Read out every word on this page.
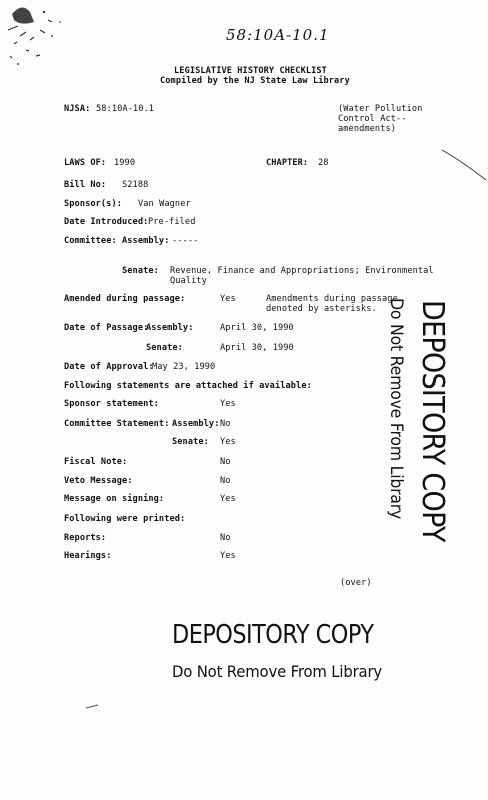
58:10A-10.1
LEGISLATIVE HISTORY CHECKLIST
Compiled by the NJ State Law Library
NJSA: 58:10A-10.1	(Water Pollution
Control Act--
amendments)
LAWS OF: 1990	CHAPTER: 28
Bill No: S2188
Sponsor(s): Van Wagner
Date Introduced: Pre-filed
Committee: Assembly: -----
Senate: Revenue, Finance and Appropriations; Environmental
Quality
Amended during passage:	Yes	Amendments during passage
denoted by asterisks.
Date of Passage:
Assembly:	April 30, 1990
Senate:	April 30, 1990
Date of Approval:
May 23, 1990
Following statements are attached if available:
Sponsor statement:	Yes
Committee Statement: Assembly: No
Senate: Yes
Fiscal Note:	No
Veto Message:	No
Message on signing:	Yes
Following were printed:
Reports:	No
Hearings:	Yes
(over)
DEPOSITORY COPY
Do Not Remove From Library
DEPOSITORY COPY
Do Not Remove From Library
